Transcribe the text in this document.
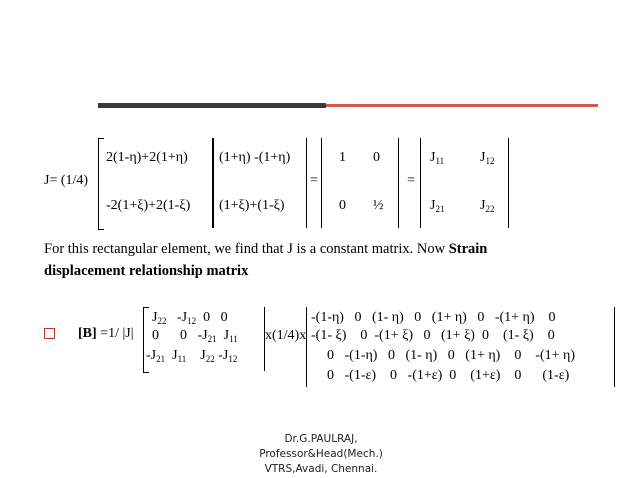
J= (1/4)
2(1-η)+2(1+η) (1+η) -(1+η)
-2(1+ξ)+2(1-ξ) (1+ξ)+(1-ξ)
=
1 0
0 ½
=
$J_{11}$	$J_{12}$
$J_{21}$	$J_{22}$
For this rectangular element, we find that J is a constant matrix. Now Strain
displacement relationship matrix
[B] =1/ |J|
$J_{22}$ $-J_{12}$ 0 0
0 0 $-J_{21}$ $J_{11}$
$-J_{21}$ $J_{11}$ $J_{22}$ $-J_{12}$
x(1/4)x
-(1-η)   0   (1- η)   0   (1+ η)   0   -(1+ η)    0
-(1- ξ)    0  -(1+ ξ)   0   (1+ ξ)  0    (1- ξ)    0
0   -(1-η)   0   (1- η)   0   (1+ η)    0    -(1+ η)
0   -(1-ε)    0   -(1+ε)  0    (1+ε)    0      (1-ε)
Dr.G.PAULRAJ,
Professor&Head(Mech.)
VTRS,Avadi, Chennai.
